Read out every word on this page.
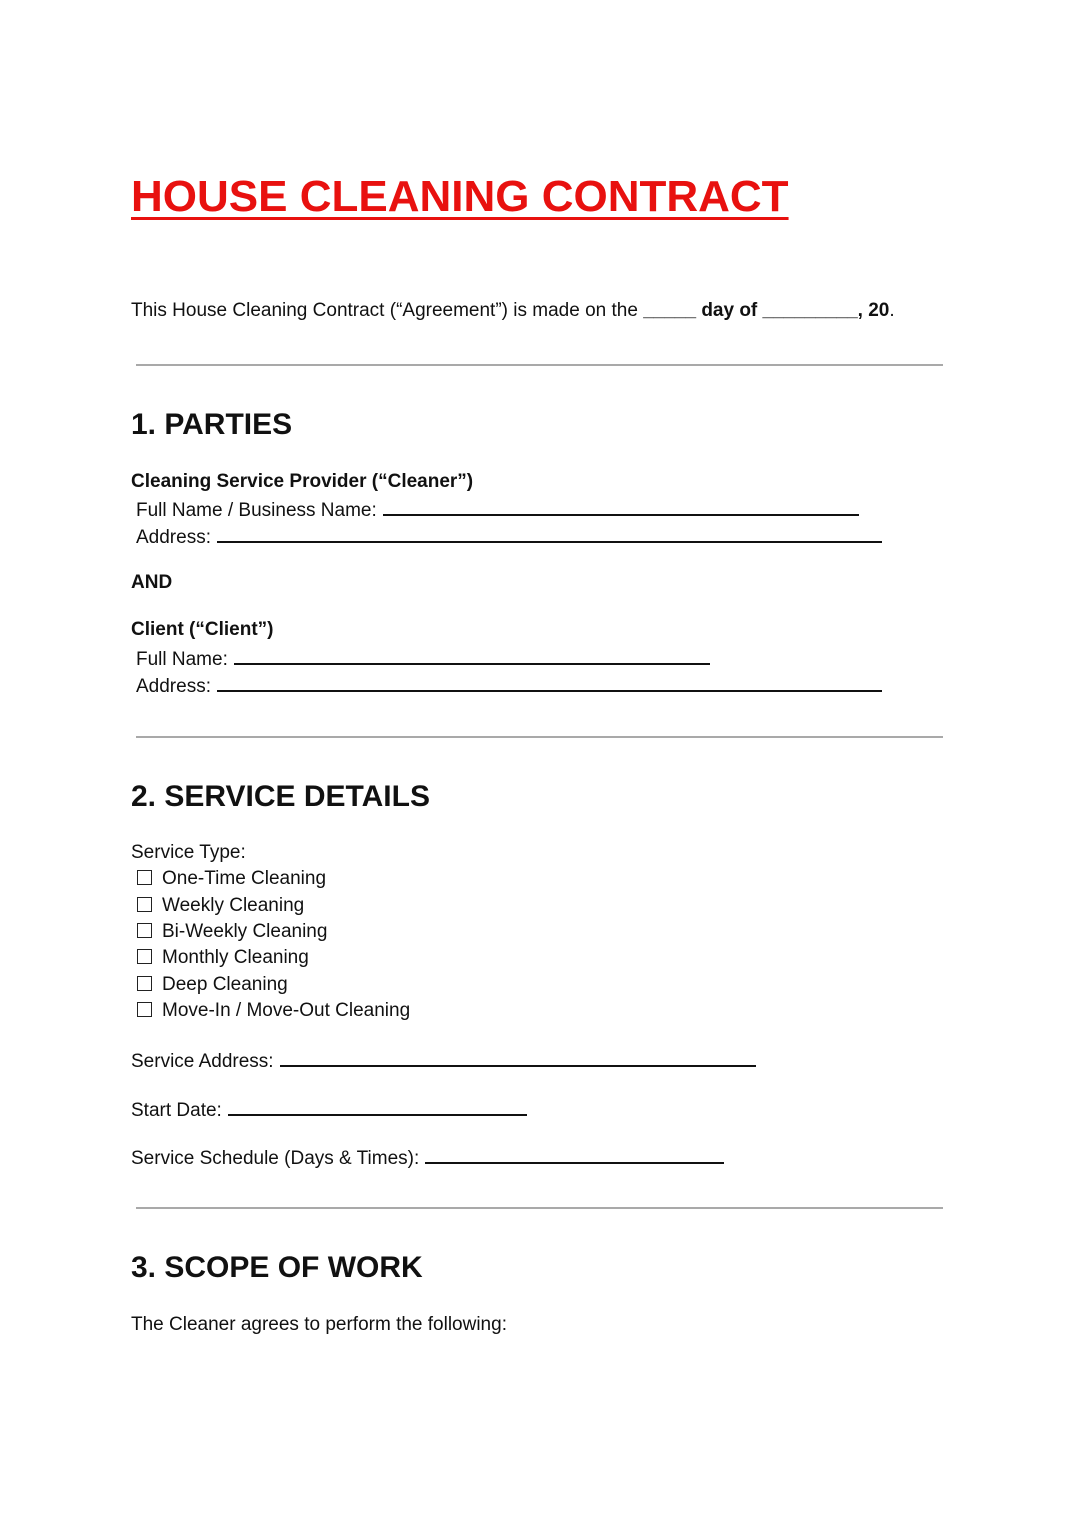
HOUSE CLEANING CONTRACT
This House Cleaning Contract (“Agreement”) is made on the _____ day of _________, 20.
1. PARTIES
Cleaning Service Provider (“Cleaner”)
Full Name / Business Name:
Address:
AND
Client (“Client”)
Full Name:
Address:
2. SERVICE DETAILS
Service Type:
One-Time Cleaning
Weekly Cleaning
Bi-Weekly Cleaning
Monthly Cleaning
Deep Cleaning
Move-In / Move-Out Cleaning
Service Address:
Start Date:
Service Schedule (Days & Times):
3. SCOPE OF WORK
The Cleaner agrees to perform the following:
